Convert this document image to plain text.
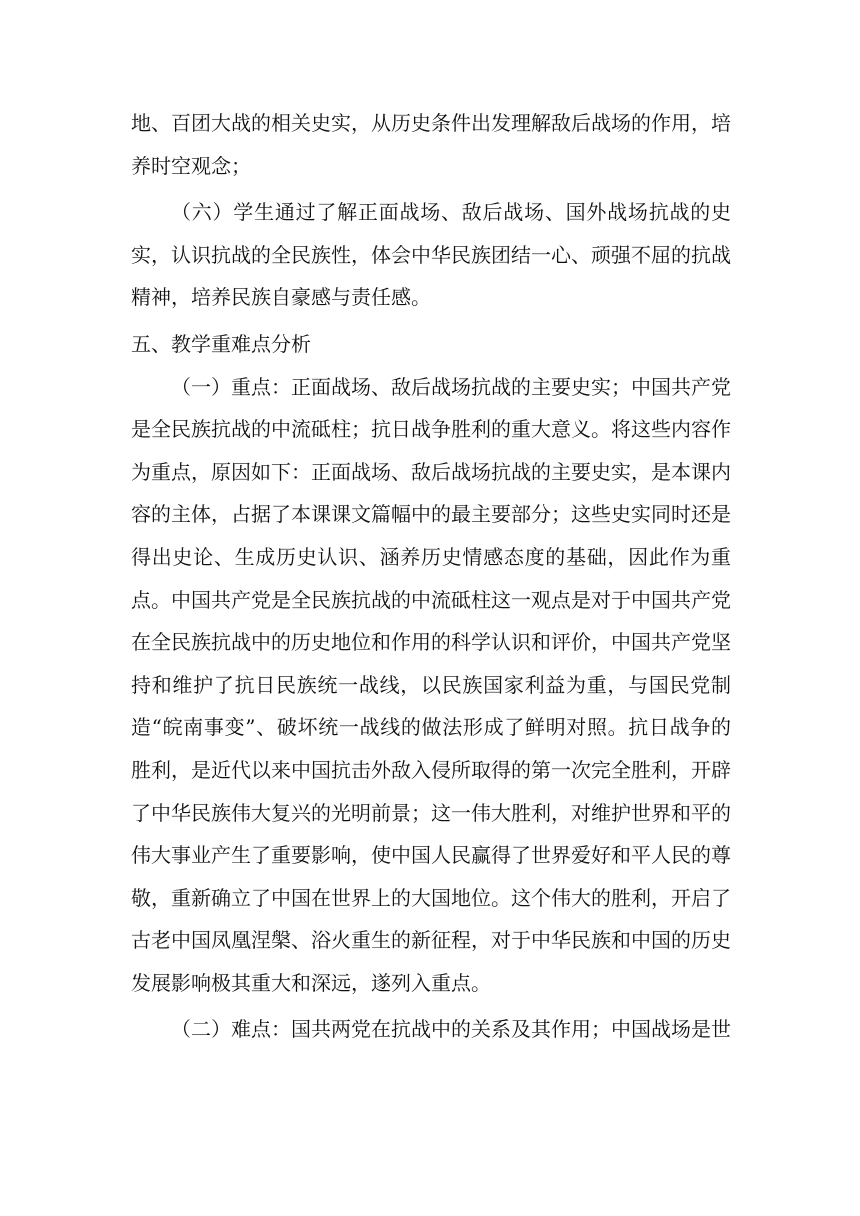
地、百团大战的相关史实，从历史条件出发理解敌后战场的作用，培养时空观念；

（六）学生通过了解正面战场、敌后战场、国外战场抗战的史实，认识抗战的全民族性，体会中华民族团结一心、顽强不屈的抗战精神，培养民族自豪感与责任感。

五、教学重难点分析

（一）重点：正面战场、敌后战场抗战的主要史实；中国共产党是全民族抗战的中流砥柱；抗日战争胜利的重大意义。将这些内容作为重点，原因如下：正面战场、敌后战场抗战的主要史实，是本课内容的主体，占据了本课课文篇幅中的最主要部分；这些史实同时还是得出史论、生成历史认识、涵养历史情感态度的基础，因此作为重点。中国共产党是全民族抗战的中流砥柱这一观点是对于中国共产党在全民族抗战中的历史地位和作用的科学认识和评价，中国共产党坚持和维护了抗日民族统一战线，以民族国家利益为重，与国民党制造“皖南事变”、破坏统一战线的做法形成了鲜明对照。抗日战争的胜利，是近代以来中国抗击外敌入侵所取得的第一次完全胜利，开辟了中华民族伟大复兴的光明前景；这一伟大胜利，对维护世界和平的伟大事业产生了重要影响，使中国人民赢得了世界爱好和平人民的尊敬，重新确立了中国在世界上的大国地位。这个伟大的胜利，开启了古老中国凤凰涅槃、浴火重生的新征程，对于中华民族和中国的历史发展影响极其重大和深远，遂列入重点。

（二）难点：国共两党在抗战中的关系及其作用；中国战场是世
